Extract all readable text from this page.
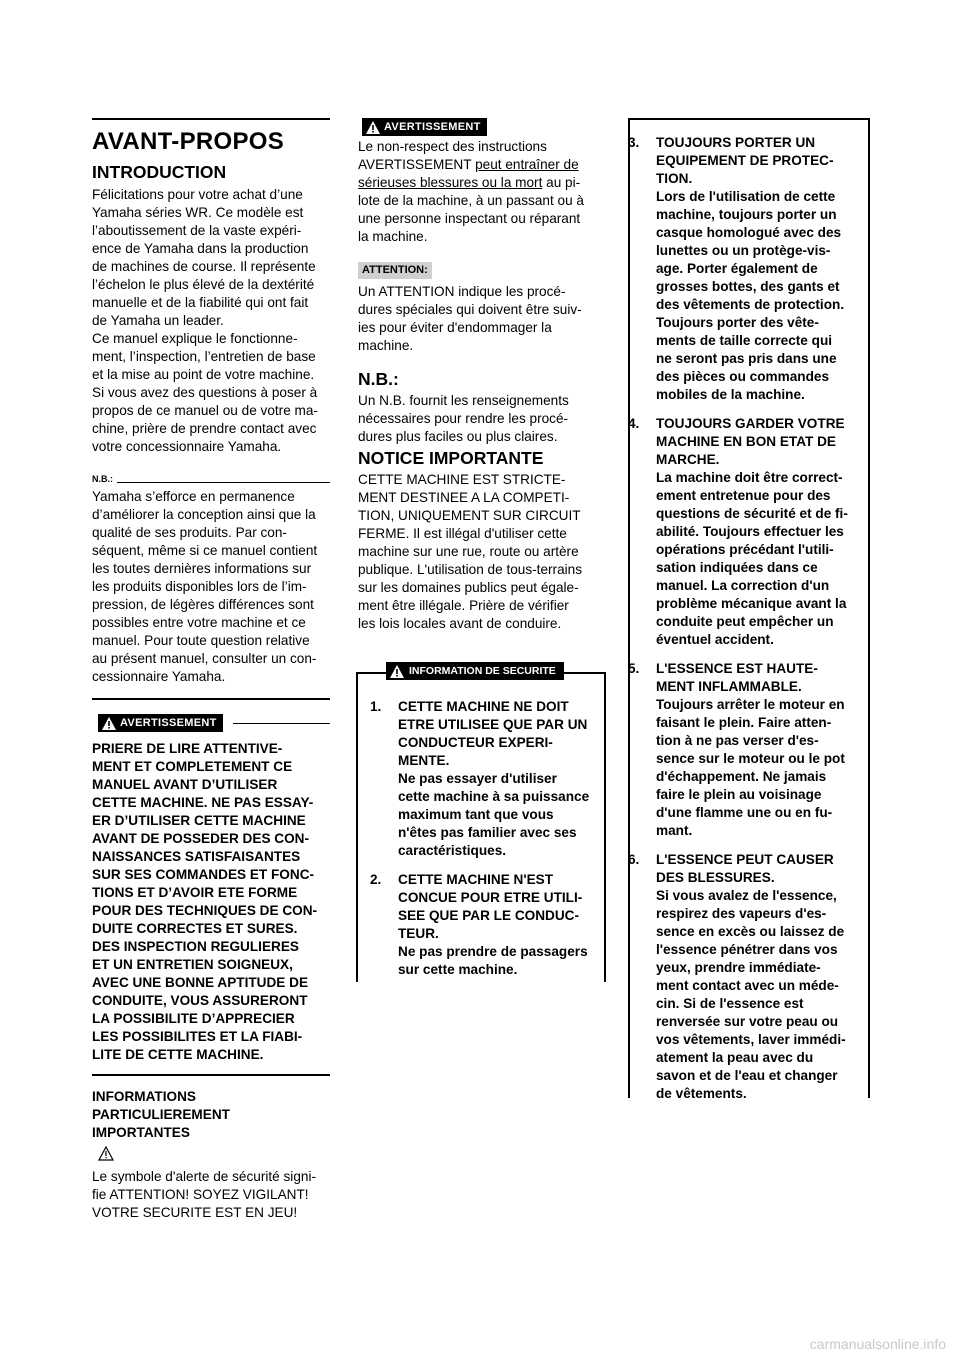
AVANT-PROPOS
INTRODUCTION

Félicitations pour votre achat d’une

Yamaha séries WR. Ce modèle est

l’aboutissement de la vaste expéri-

ence de Yamaha dans la production

de machines de course. Il représente

l’échelon le plus élevé de la dextérité

manuelle et de la fiabilité qui ont fait

de Yamaha un leader.

Ce manuel explique le fonctionne-

ment, l’inspection, l’entretien de base

et la mise au point de votre machine.

Si vous avez des questions à poser à

propos de ce manuel ou de votre ma-

chine, prière de prendre contact avec

votre concessionnaire Yamaha.

N.B.:

Yamaha s’efforce en permanence

d’améliorer la conception ainsi que la

qualité de ses produits. Par con-

séquent, même si ce manuel contient

les toutes dernières informations sur

les produits disponibles lors de l’im-

pression, de légères différences sont

possibles entre votre machine et ce

manuel. Pour toute question relative

au présent manuel, consulter un con-

cessionnaire Yamaha.

AVERTISSEMENT

PRIERE DE LIRE ATTENTIVE-

MENT ET COMPLETEMENT CE

MANUEL AVANT D’UTILISER

CETTE MACHINE. NE PAS ESSAY-

ER D’UTILISER CETTE MACHINE

AVANT DE POSSEDER DES CON-

NAISSANCES SATISFAISANTES

SUR SES COMMANDES ET FONC-

TIONS ET D’AVOIR ETE FORME

POUR DES TECHNIQUES DE CON-

DUITE CORRECTES ET SURES.

DES INSPECTION REGULIERES

ET UN ENTRETIEN SOIGNEUX,

AVEC UNE BONNE APTITUDE DE

CONDUITE, VOUS ASSURERONT

LA POSSIBILITE D’APPRECIER

LES POSSIBILITES ET LA FIABI-

LITE DE CETTE MACHINE.

INFORMATIONS

PARTICULIEREMENT

IMPORTANTES

Le symbole d'alerte de sécurité signi-

fie ATTENTION! SOYEZ VIGILANT!

VOTRE SECURITE EST EN JEU!

AVERTISSEMENT

Le non-respect des instructions

AVERTISSEMENT peut entraîner de

sérieuses blessures ou la mort au pi-

lote de la machine, à un passant ou à

une personne inspectant ou réparant

la machine.

ATTENTION:

Un ATTENTION indique les procé-

dures spéciales qui doivent être suiv-

ies pour éviter d'endommager la

machine.

N.B.:

Un N.B. fournit les renseignements

nécessaires pour rendre les procé-

dures plus faciles ou plus claires.

NOTICE IMPORTANTE

CETTE MACHINE EST STRICTE-

MENT DESTINEE A LA COMPETI-

TION, UNIQUEMENT SUR CIRCUIT

FERME. Il est illégal d'utiliser cette

machine sur une rue, route ou artère

publique. L'utilisation de tous-terrains

sur les domaines publics peut égale-

ment être illégale. Prière de vérifier

les lois locales avant de conduire.

INFORMATION DE SECURITE
1.	CETTE MACHINE NE DOIT

ETRE UTILISEE QUE PAR UN

CONDUCTEUR EXPERI-

MENTE.

Ne pas essayer d'utiliser

cette machine à sa puissance

maximum tant que vous

n'êtes pas familier avec ses

caractéristiques.

2.	CETTE MACHINE N'EST

CONCUE POUR ETRE UTILI-

SEE QUE PAR LE CONDUC-

TEUR.

Ne pas prendre de passagers

sur cette machine.

3.	TOUJOURS PORTER UN

EQUIPEMENT DE PROTEC-

TION.

Lors de l'utilisation de cette

machine, toujours porter un

casque homologué avec des

lunettes ou un protège-vis-

age. Porter également de

grosses bottes, des gants et

des vêtements de protection.

Toujours porter des vête-

ments de taille correcte qui

ne seront pas pris dans une

des pièces ou commandes

mobiles de la machine.

4.	TOUJOURS GARDER VOTRE

MACHINE EN BON ETAT DE

MARCHE.

La machine doit être correct-

ement entretenue pour des

questions de sécurité et de fi-

abilité. Toujours effectuer les

opérations précédant l'utili-

sation indiquées dans ce

manuel. La correction d'un

problème mécanique avant la

conduite peut empêcher un

éventuel accident.

5.	L'ESSENCE EST HAUTE-

MENT INFLAMMABLE.

Toujours arrêter le moteur en

faisant le plein. Faire atten-

tion à ne pas verser d'es-

sence sur le moteur ou le pot

d'échappement. Ne jamais

faire le plein au voisinage

d'une flamme une ou en fu-

mant.

6.	L'ESSENCE PEUT CAUSER

DES BLESSURES.

Si vous avalez de l'essence,

respirez des vapeurs d'es-

sence en excès ou laissez de

l'essence pénétrer dans vos

yeux, prendre immédiate-

ment contact avec un méde-

cin. Si de l'essence est

renversée sur votre peau ou

vos vêtements, laver immédi-

atement la peau avec du

savon et de l'eau et changer

de vêtements.

carmanualsonline.info
